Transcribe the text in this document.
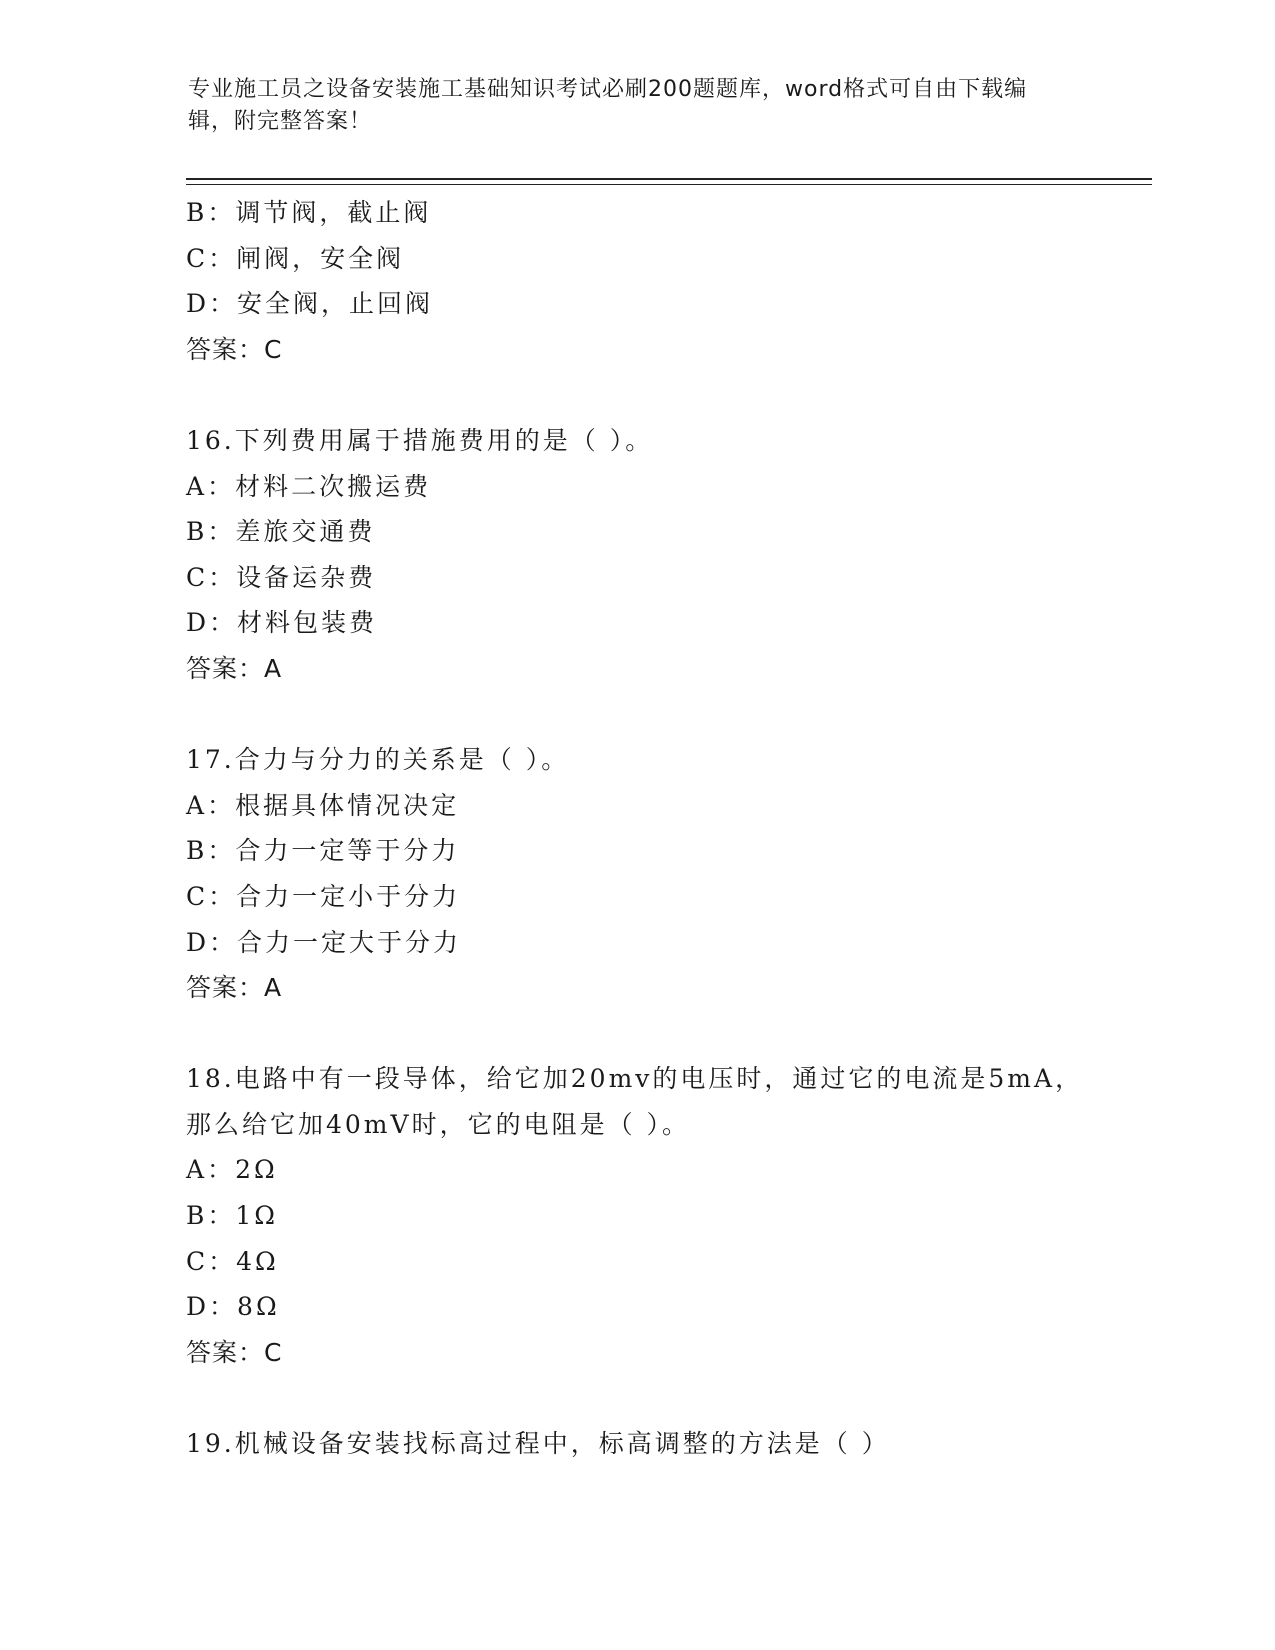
专业施工员之设备安装施工基础知识考试必刷200题题库，word格式可自由下载编辑，附完整答案！
B：调节阀，截止阀
C：闸阀，安全阀
D：安全阀，止回阀
答案：C
16.下列费用属于措施费用的是（ ）。
A：材料二次搬运费
B：差旅交通费
C：设备运杂费
D：材料包装费
答案：A
17.合力与分力的关系是（ ）。
A：根据具体情况决定
B：合力一定等于分力
C：合力一定小于分力
D：合力一定大于分力
答案：A
18.电路中有一段导体，给它加20mv的电压时，通过它的电流是5mA，
那么给它加40mV时，它的电阻是（ ）。
A：2Ω
B：1Ω
C：4Ω
D：8Ω
答案：C
19.机械设备安装找标高过程中，标高调整的方法是（ ）
